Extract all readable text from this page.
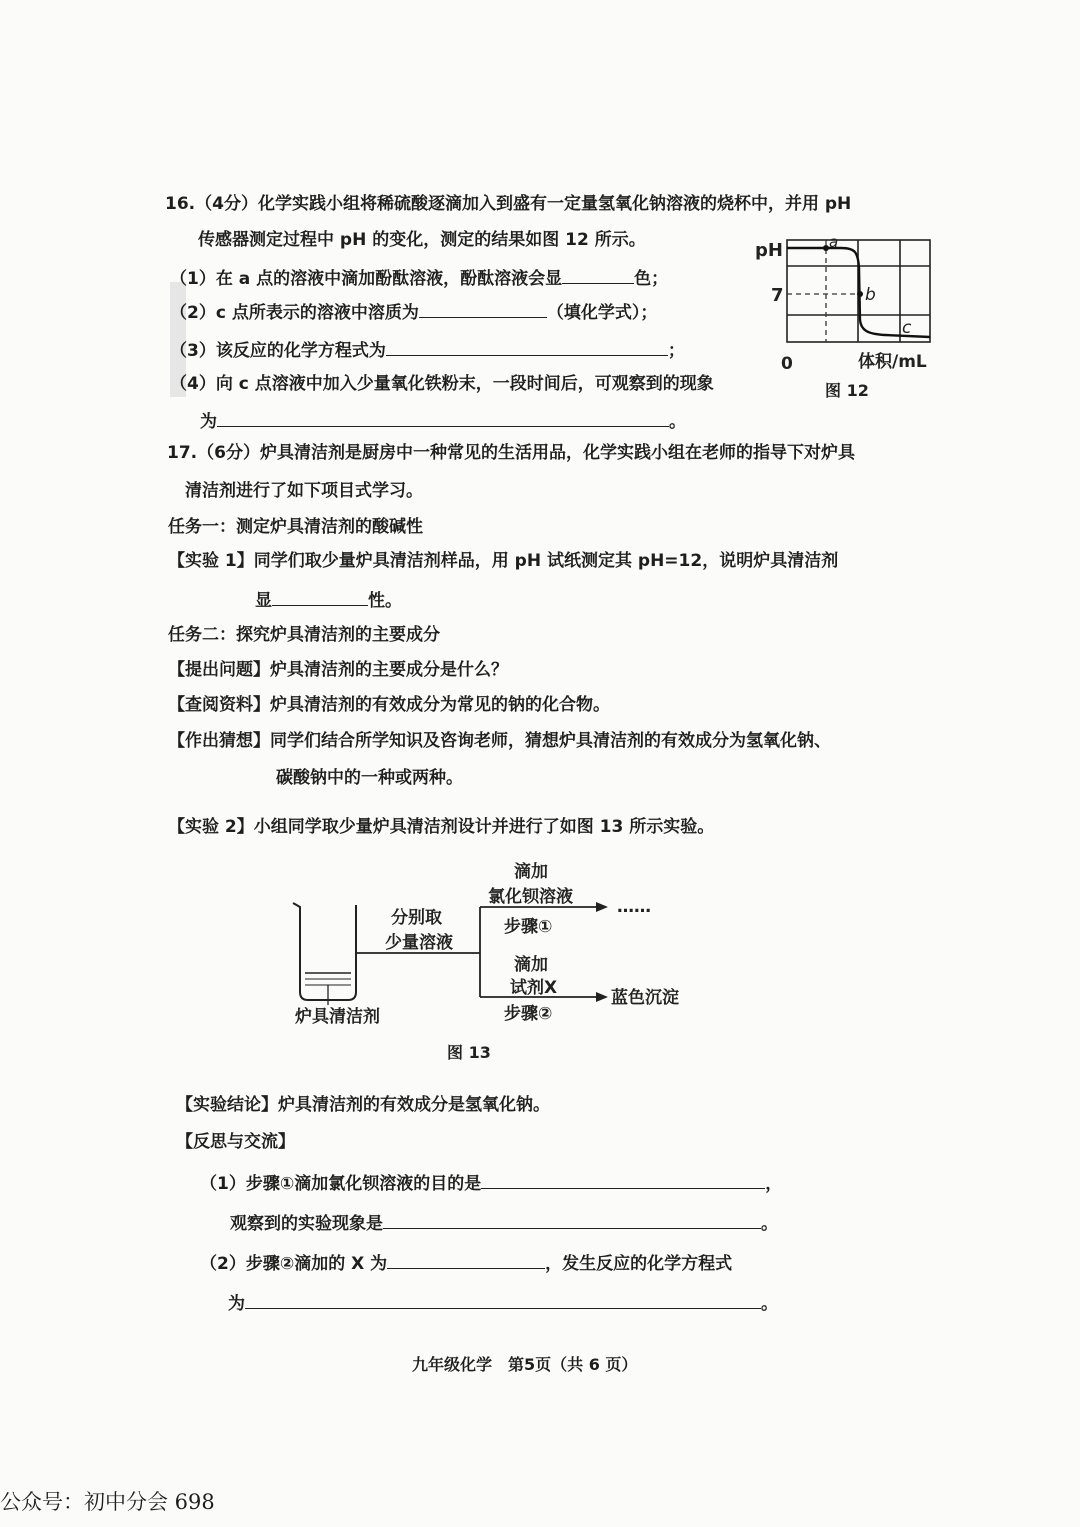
16.（4分）化学实践小组将稀硫酸逐滴加入到盛有一定量氢氧化钠溶液的烧杯中，并用 pH
传感器测定过程中 pH 的变化，测定的结果如图 12 所示。
（1）在 a 点的溶液中滴加酚酞溶液，酚酞溶液会显	色；
（2）c 点所表示的溶液中溶质为	（填化学式）；
（3）该反应的化学方程式为	；
（4）向 c 点溶液中加入少量氧化铁粉末，一段时间后，可观察到的现象
为	。
pH
7
0	体积/mL
a
b
c
图 12
17.（6分）炉具清洁剂是厨房中一种常见的生活用品，化学实践小组在老师的指导下对炉具
清洁剂进行了如下项目式学习。
任务一：测定炉具清洁剂的酸碱性
【实验 1】同学们取少量炉具清洁剂样品，用 pH 试纸测定其 pH=12，说明炉具清洁剂
显	性。
任务二：探究炉具清洁剂的主要成分
【提出问题】炉具清洁剂的主要成分是什么？
【查阅资料】炉具清洁剂的有效成分为常见的钠的化合物。
【作出猜想】同学们结合所学知识及咨询老师，猜想炉具清洁剂的有效成分为氢氧化钠、
碳酸钠中的一种或两种。
【实验 2】小组同学取少量炉具清洁剂设计并进行了如图 13 所示实验。
分别取
少量溶液
滴加
氯化钡溶液
步骤①
……
滴加
试剂X
步骤②
蓝色沉淀
炉具清洁剂
图 13
【实验结论】炉具清洁剂的有效成分是氢氧化钠。
【反思与交流】
（1）步骤①滴加氯化钡溶液的目的是	，
观察到的实验现象是	。
（2）步骤②滴加的 X 为	，发生反应的化学方程式
为	。
九年级化学　第5页（共 6 页）
公众号：初中分会 698
